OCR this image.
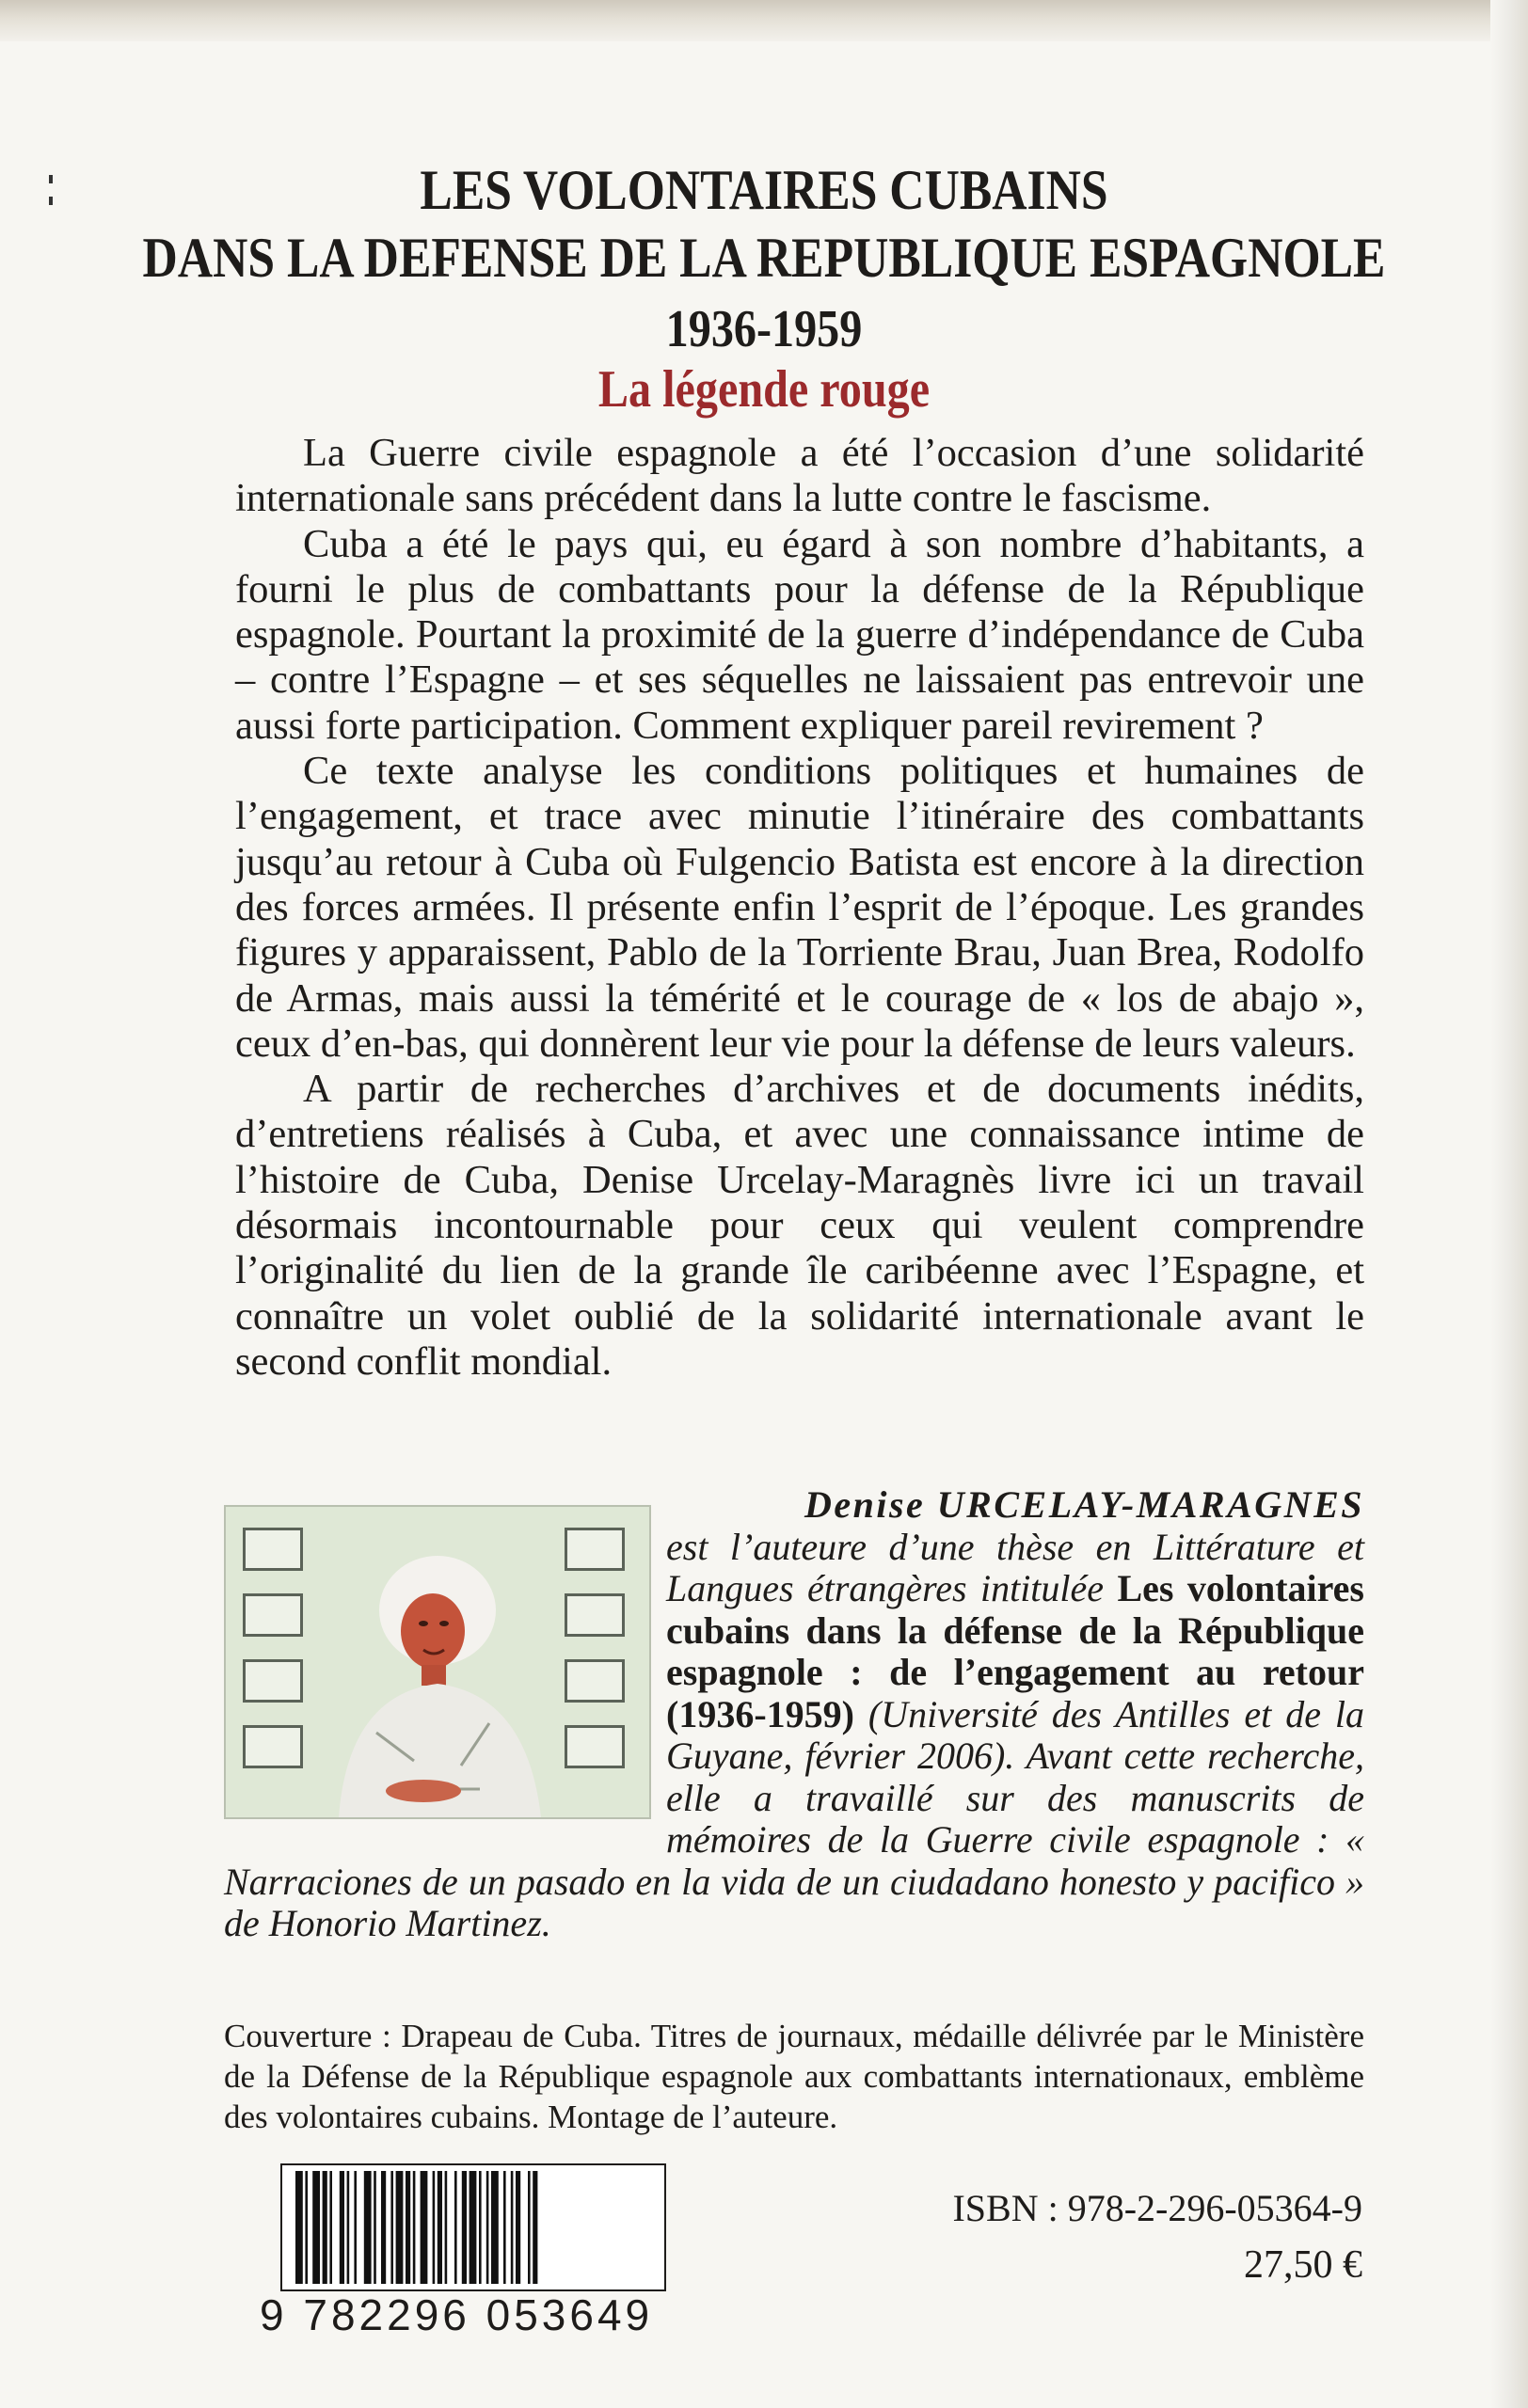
LES VOLONTAIRES CUBAINS
DANS LA DEFENSE DE LA REPUBLIQUE ESPAGNOLE
1936-1959
La légende rouge

La Guerre civile espagnole a été l’occasion d’une solidarité internationale sans précédent dans la lutte contre le fascisme.

Cuba a été le pays qui, eu égard à son nombre d’habitants, a fourni le plus de combattants pour la défense de la République espagnole. Pourtant la proximité de la guerre d’indépendance de Cuba – contre l’Espagne – et ses séquelles ne laissaient pas entrevoir une aussi forte participation. Comment expliquer pareil revirement ?

Ce texte analyse les conditions politiques et humaines de l’engagement, et trace avec minutie l’itinéraire des combattants jusqu’au retour à Cuba où Fulgencio Batista est encore à la direction des forces armées. Il présente enfin l’esprit de l’époque. Les grandes figures y apparaissent, Pablo de la Torriente Brau, Juan Brea, Rodolfo de Armas, mais aussi la témérité et le courage de « los de abajo », ceux d’en-bas, qui donnèrent leur vie pour la défense de leurs valeurs.

A partir de recherches d’archives et de documents inédits, d’entretiens réalisés à Cuba, et avec une connaissance intime de l’histoire de Cuba, Denise Urcelay-Maragnès livre ici un travail désormais incontournable pour ceux qui veulent comprendre l’originalité du lien de la grande île caribéenne avec l’Espagne, et connaître un volet oublié de la solidarité internationale avant le second conflit mondial.

Denise URCELAY-MARAGNES
est l’auteure d’une thèse en Littérature et Langues étrangères intitulée Les volontaires cubains dans la défense de la République espagnole : de l’engagement au retour (1936-1959) (Université des Antilles et de la Guyane, février 2006). Avant cette recherche, elle a travaillé sur des manuscrits de mémoires de la Guerre civile espagnole : « Narraciones de un pasado en la vida de un ciudadano honesto y pacifico » de Honorio Martinez.
Couverture : Drapeau de Cuba. Titres de journaux, médaille délivrée par le Ministère de la Défense de la République espagnole aux combattants internationaux, emblème des volontaires cubains. Montage de l’auteure.
9 782296 053649
ISBN : 978-2-296-05364-9
27,50 €
